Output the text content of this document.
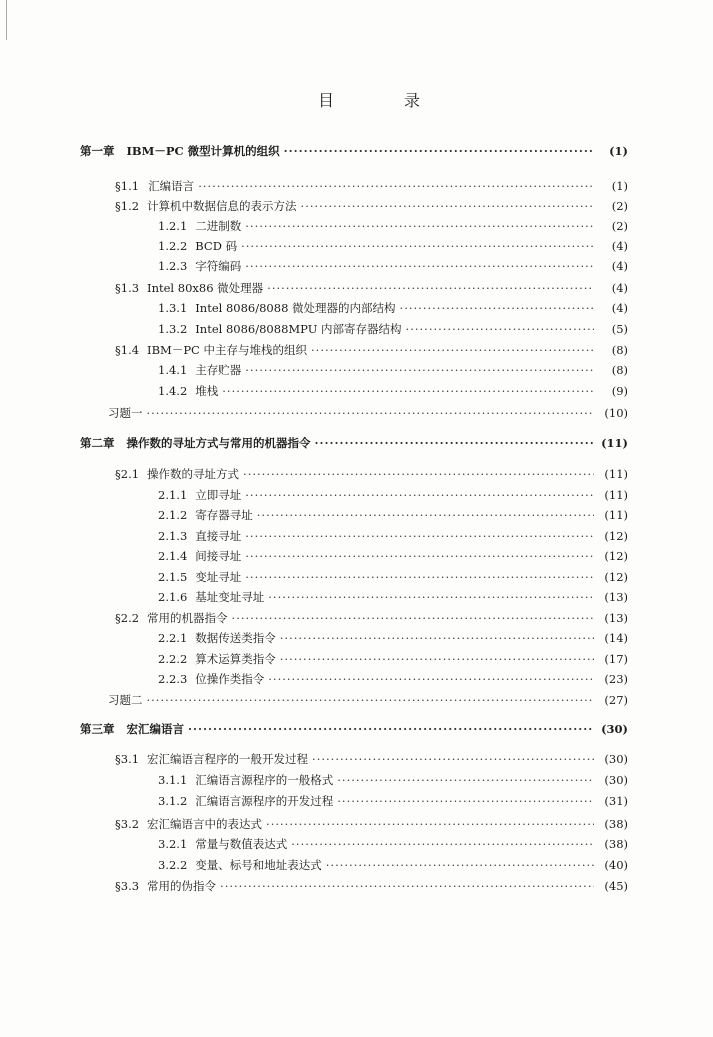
目	录
第一章 IBM－PC 微型计算机的组织 ·····	(1)
§1.1 汇编语言 ·····	(1)
§1.2 计算机中数据信息的表示方法 ·····	(2)
1.2.1 二进制数 ·····	(2)
1.2.2 BCD 码 ·····	(4)
1.2.3 字符编码 ·····	(4)
§1.3 Intel 80x86 微处理器 ·····	(4)
1.3.1 Intel 8086/8088 微处理器的内部结构 ·····	(4)
1.3.2 Intel 8086/8088MPU 内部寄存器结构 ·····	(5)
§1.4 IBM－PC 中主存与堆栈的组织 ·····	(8)
1.4.1 主存贮器 ·····	(8)
1.4.2 堆栈 ·····	(9)
习题一 ·····	(10)
第二章 操作数的寻址方式与常用的机器指令 ·····	(11)
§2.1 操作数的寻址方式 ·····	(11)
2.1.1 立即寻址 ·····	(11)
2.1.2 寄存器寻址 ·····	(11)
2.1.3 直接寻址 ·····	(12)
2.1.4 间接寻址 ·····	(12)
2.1.5 变址寻址 ·····	(12)
2.1.6 基址变址寻址 ·····	(13)
§2.2 常用的机器指令 ·····	(13)
2.2.1 数据传送类指令 ·····	(14)
2.2.2 算术运算类指令 ·····	(17)
2.2.3 位操作类指令 ·····	(23)
习题二 ·····	(27)
第三章 宏汇编语言 ·····	(30)
§3.1 宏汇编语言程序的一般开发过程 ·····	(30)
3.1.1 汇编语言源程序的一般格式 ·····	(30)
3.1.2 汇编语言源程序的开发过程 ·····	(31)
§3.2 宏汇编语言中的表达式 ·····	(38)
3.2.1 常量与数值表达式 ·····	(38)
3.2.2 变量、标号和地址表达式 ·····	(40)
§3.3 常用的伪指令 ·····	(45)
